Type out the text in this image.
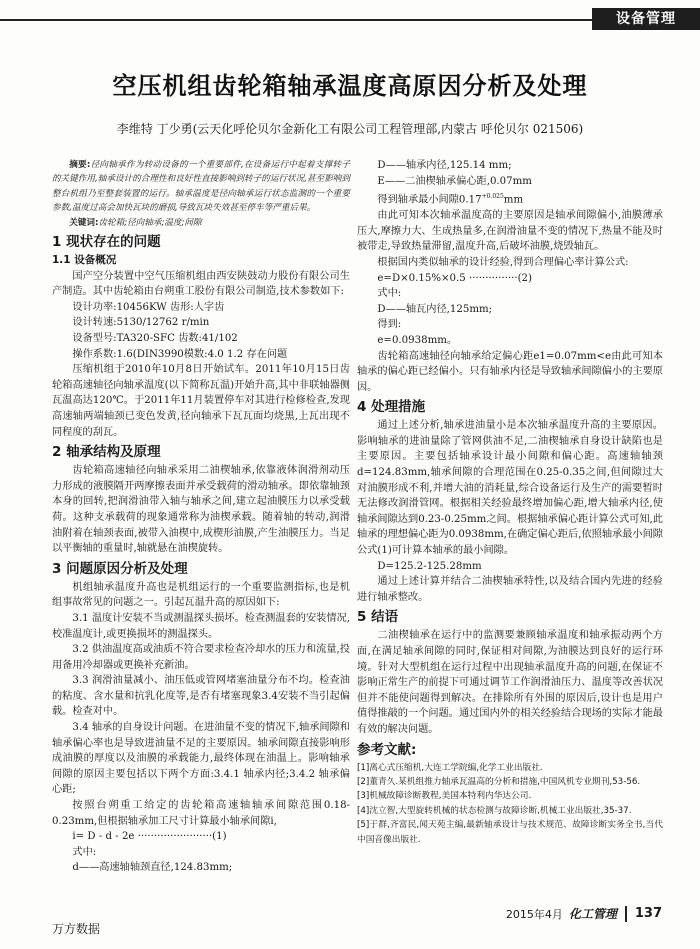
设备管理
空压机组齿轮箱轴承温度高原因分析及处理
李维特 丁少勇(云天化呼伦贝尔金新化工有限公司工程管理部,内蒙古 呼伦贝尔 021506)

摘要:径向轴承作为转动设备的一个重要部件,在设备运行中起着支撑转子的关键作用,轴承设计的合理性和良好性直接影响到转子的运行状况,甚至影响到整台机组乃至整套装置的运行。轴承温度是径向轴承运行状态监测的一个重要参数,温度过高会加快瓦块的磨损,导致瓦块失效甚至停车等严重后果。

关键词:齿轮箱;径向轴承;温度;间隙

1 现状存在的问题
1.1 设备概况

国产空分装置中空气压缩机组由西安陕鼓动力股份有限公司生产制造。其中齿轮箱由台朔重工股份有限公司制造,技术参数如下:

设计功率:10456KW 齿形:人字齿

设计转速:5130/12762 r/min

设备型号:TA320-SFC 齿数:41/102

操作系数:1.6(DIN3990模数:4.0 1.2 存在问题

压缩机组于2010年10月8日开始试车。2011年10月15日齿轮箱高速轴径向轴承温度(以下简称瓦温)开始升高,其中非联轴器侧瓦温高达120℃。于2011年11月装置停车对其进行检修检查,发现高速轴两端轴颈已变色发黄,径向轴承下瓦瓦面均烧黑,上瓦出现不同程度的刮瓦。

2 轴承结构及原理

齿轮箱高速轴径向轴承采用二油楔轴承,依靠液体润滑剂动压力形成的液膜隔开两摩擦表面并承受载荷的滑动轴承。即依靠轴颈本身的回转,把润滑油带入轴与轴承之间,建立起油膜压力以承受载荷。这种支承载荷的现象通常称为油楔承载。随着轴的转动,润滑油附着在轴颈表面,被带入油楔中,成楔形油膜,产生油膜压力。当足以平衡轴的重量时,轴就悬在油楔旋转。

3 问题原因分析及处理

机组轴承温度升高也是机组运行的一个重要监测指标,也是机组事故常见的问题之一。引起瓦温升高的原因如下:

3.1 温度计安装不当或测温探头损坏。检查测温套的安装情况,校准温度计,或更换损坏的测温探头。

3.2 供油温度高或油质不符合要求检查冷却水的压力和流量,投用备用冷却器或更换补充新油。

3.3 润滑油量减小、油压低或管网堵塞油量分布不均。检查油的粘度、含水量和抗乳化度等,是否有堵塞现象3.4安装不当引起偏载。检查对中。

3.4 轴承的自身设计问题。在进油量不变的情况下,轴承间隙和轴承偏心率也是导致进油量不足的主要原因。轴承间隙直接影响形成油膜的厚度以及油膜的承载能力,最终体现在油温上。影响轴承间隙的原因主要包括以下两个方面:3.4.1 轴承内径;3.4.2 轴承偏心距;

按照台朔重工给定的齿轮箱高速轴轴承间隙范围0.18-0.23mm,但根据轴承加工尺寸计算最小轴承间隙i,

i= D - d - 2e ·······················(1)

式中:

d——高速轴轴颈直径,124.83mm;

D——轴承内径,125.14 mm;

E——二油楔轴承偏心距,0.07mm

得到轴承最小间隙$0.17^{+0.025}mm$

由此可知本次轴承温度高的主要原因是轴承间隙偏小,油膜薄承压大,摩擦力大、生成热量多,在润滑油量不变的情况下,热量不能及时被带走,导致热量滞留,温度升高,后破坏油膜,烧毁轴瓦。

根据国内类似轴承的设计经验,得到合理偏心率计算公式:

e=D×0.15%×0.5 ···············(2)

式中:

D——轴瓦内径,125mm;

得到:

e=0.0938mm。

齿轮箱高速轴径向轴承给定偏心距e1=0.07mm<e由此可知本轴承的偏心距已经偏小。只有轴承内径是导致轴承间隙偏小的主要原因。

4 处理措施

通过上述分析,轴承进油量小是本次轴承温度升高的主要原因。影响轴承的进油量除了管网供油不足,二油楔轴承自身设计缺陷也是主要原因。主要包括轴承设计最小间隙和偏心距。高速轴轴颈d=124.83mm,轴承间隙的合理范围在0.25-0.35之间,但间隙过大对油膜形成不利,并增大油的消耗量,综合设备运行及生产的需要暂时无法修改润滑管网。根据相关经验最终增加偏心距,增大轴承内径,使轴承间隙达到0.23-0.25mm之间。根据轴承偏心距计算公式可知,此轴承的理想偏心距为0.0938mm,在确定偏心距后,依照轴承最小间隙公式(1)可计算本轴承的最小间隙。

D=125.2-125.28mm

通过上述计算并结合二油楔轴承特性,以及结合国内先进的经验进行轴承整改。

5 结语

二油楔轴承在运行中的监测要兼顾轴承温度和轴承振动两个方面,在满足轴承间隙的同时,保证相对间隙,为油膜达到良好的运行环境。针对大型机组在运行过程中出现轴承温度升高的问题,在保证不影响正常生产的前提下可通过调节工作润滑油压力、温度等改善状况 但并不能使问题得到解决。在排除所有外围的原因后,设计也是用户值得推敲的一个问题。通过国内外的相关经验结合现场的实际才能最有效的解决问题。

参考文献:

[1]离心式压缩机,大连工学院编,化学工业出版社.

[2]董青久.某机组推力轴承瓦温高的分析和措施,中国风机专业期刊,53-56.

[3]机械故障诊断教程,美国本特利内华达公司.

[4]沈立智,大型旋转机械的状态检测与故障诊断,机械工业出版社,35-37.

[5]于群,齐富民,闻天苑主编,最新轴承设计与技术规范、故障诊断实务全书,当代中国音像出版社.

万方数据
2015年4月 化工管理 137
